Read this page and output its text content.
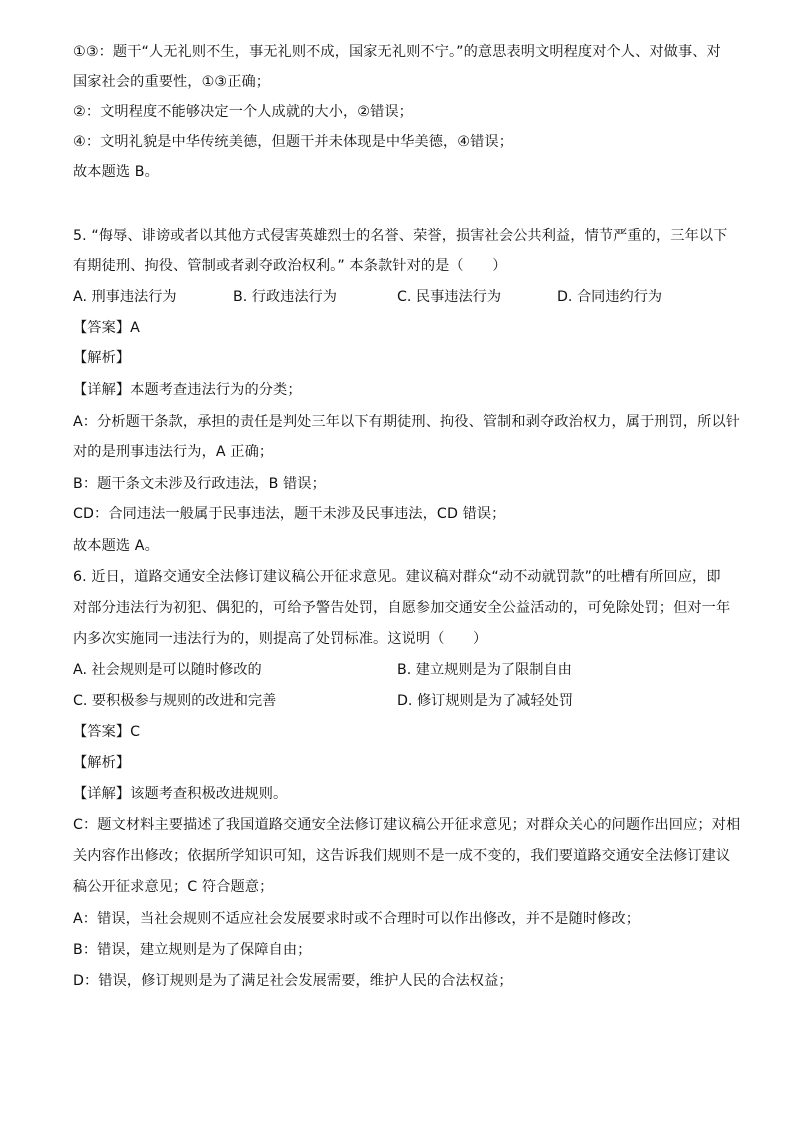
①③：题干“人无礼则不生，事无礼则不成，国家无礼则不宁。”的意思表明文明程度对个人、对做事、对
国家社会的重要性，①③正确；
②：文明程度不能够决定一个人成就的大小，②错误；
④：文明礼貌是中华传统美德，但题干并未体现是中华美德，④错误；
故本题选 B。
5. “侮辱、诽谤或者以其他方式侵害英雄烈士的名誉、荣誉，损害社会公共利益，情节严重的，三年以下
有期徒刑、拘役、管制或者剥夺政治权利。” 本条款针对的是（　　）
A. 刑事违法行为	B. 行政违法行为	C. 民事违法行为	D. 合同违约行为
【答案】A
【解析】
【详解】本题考查违法行为的分类；
A：分析题干条款，承担的责任是判处三年以下有期徒刑、拘役、管制和剥夺政治权力，属于刑罚，所以针
对的是刑事违法行为，A 正确；
B：题干条文未涉及行政违法，B 错误；
CD：合同违法一般属于民事违法，题干未涉及民事违法，CD 错误；
故本题选 A。
6. 近日，道路交通安全法修订建议稿公开征求意见。建议稿对群众“动不动就罚款”的吐槽有所回应，即
对部分违法行为初犯、偶犯的，可给予警告处罚，自愿参加交通安全公益活动的，可免除处罚；但对一年
内多次实施同一违法行为的，则提高了处罚标准。这说明（　　）
A. 社会规则是可以随时修改的	B. 建立规则是为了限制自由
C. 要积极参与规则的改进和完善	D. 修订规则是为了减轻处罚
【答案】C
【解析】
【详解】该题考查积极改进规则。
C：题文材料主要描述了我国道路交通安全法修订建议稿公开征求意见；对群众关心的问题作出回应；对相
关内容作出修改；依据所学知识可知，这告诉我们规则不是一成不变的，我们要道路交通安全法修订建议
稿公开征求意见；C 符合题意；
A：错误，当社会规则不适应社会发展要求时或不合理时可以作出修改，并不是随时修改；
B：错误，建立规则是为了保障自由；
D：错误，修订规则是为了满足社会发展需要，维护人民的合法权益；
